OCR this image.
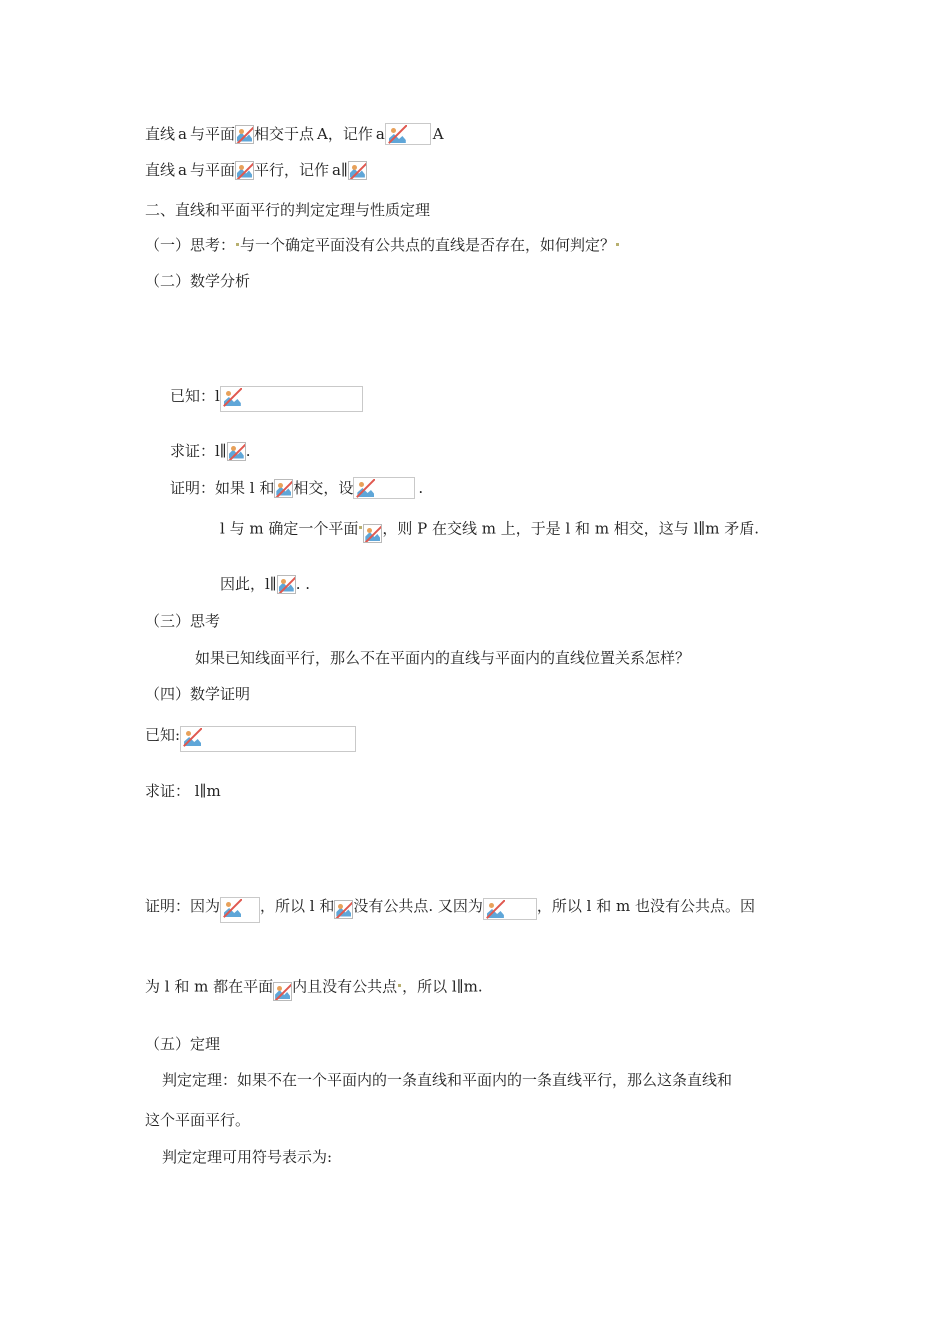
直线 a 与平面 相交于点 A，记作 a	A
直线 a 与平面 平行，记作 a∥
二、直线和平面平行的判定定理与性质定理
（一）思考： 与一个确定平面没有公共点的直线是否存在，如何判定？
（二）数学分析
已知：l
求证：l∥ .
证明：如果 l 和 相交，设	.
l 与 m 确定一个平面 ，则 P 在交线 m 上，于是 l 和 m 相交，这与 l∥m 矛盾.
因此，l∥ . .
（三）思考
如果已知线面平行，那么不在平面内的直线与平面内的直线位置关系怎样？
（四）数学证明
已知:
求证： l∥m
证明：因为	，所以 l 和 没有公共点. 又因为	，所以 l 和 m 也没有公共点。因
为 l 和 m 都在平面 内且没有公共点 ，所以 l∥m.
（五）定理
判定定理：如果不在一个平面内的一条直线和平面内的一条直线平行，那么这条直线和
这个平面平行。
判定定理可用符号表示为:
